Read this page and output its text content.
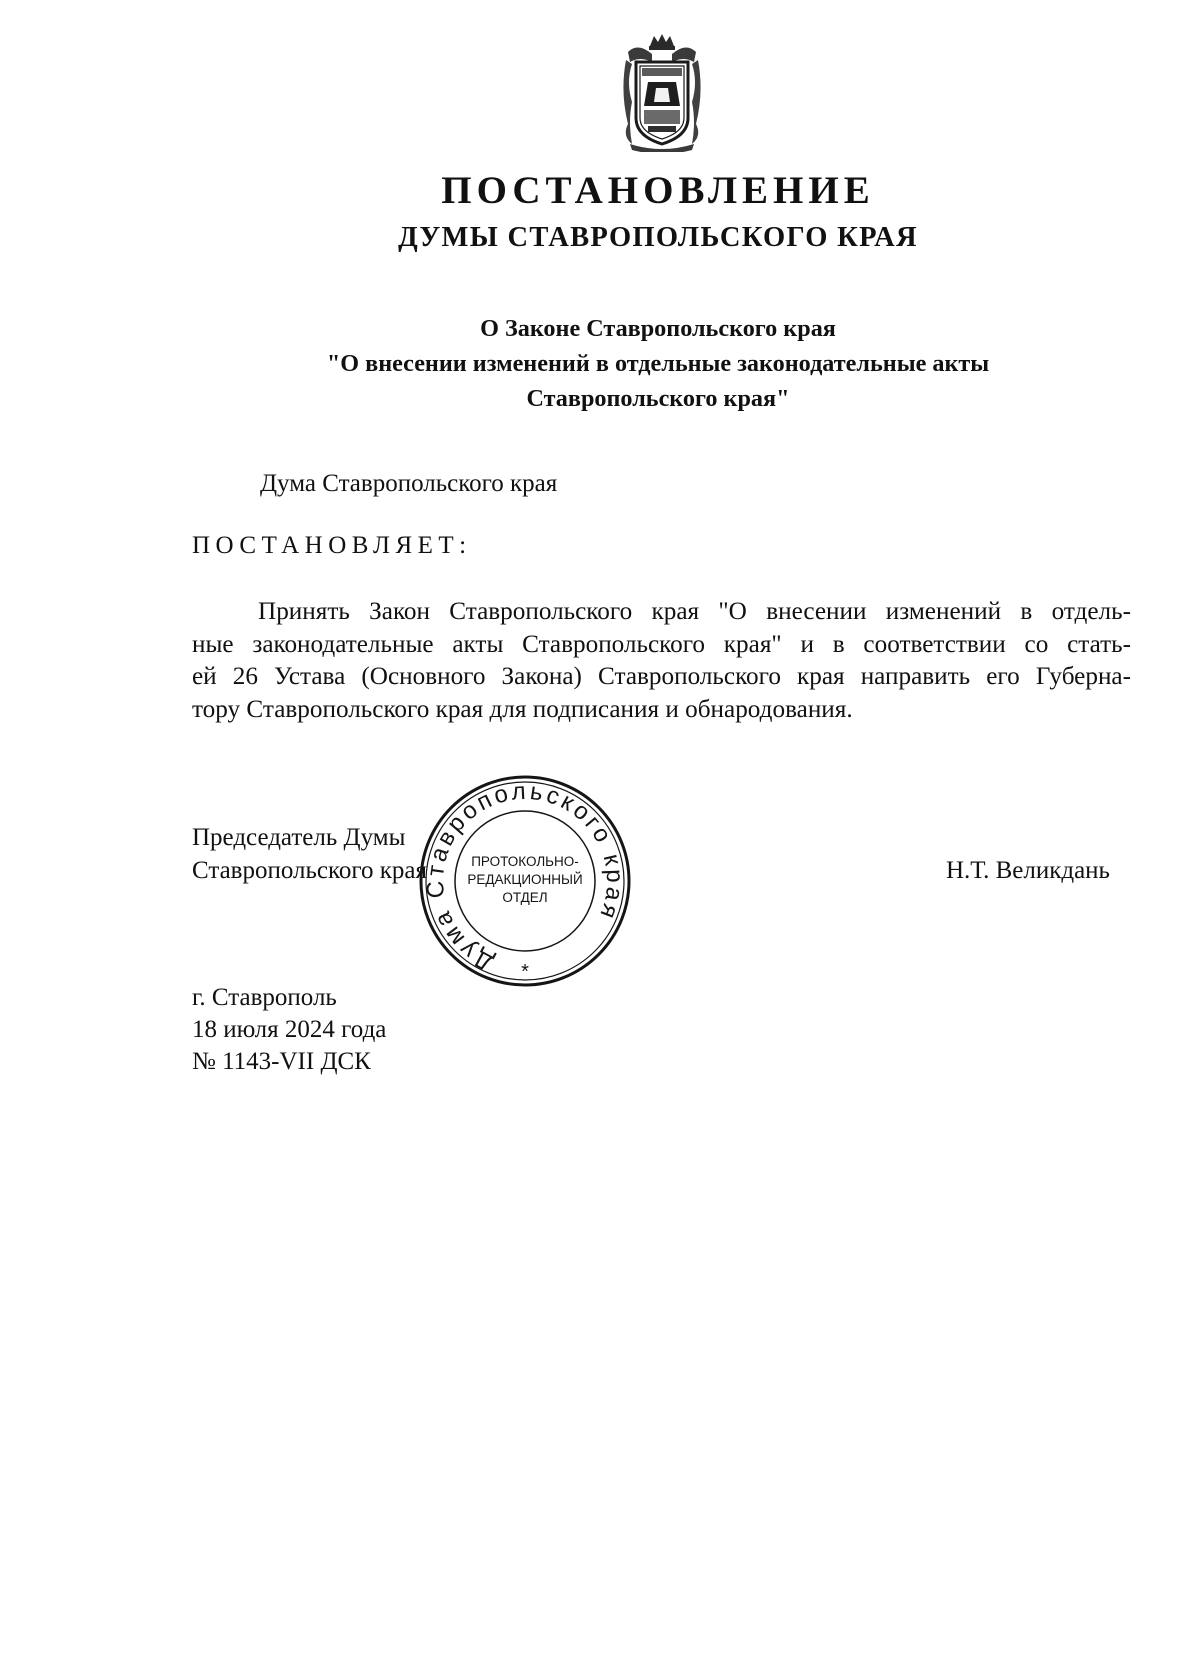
ПОСТАНОВЛЕНИЕ
ДУМЫ СТАВРОПОЛЬСКОГО КРАЯ
О Законе Ставропольского края
"О внесении изменений в отдельные законодательные акты
Ставропольского края"
Дума Ставропольского края
ПОСТАНОВЛЯЕТ:
Принять Закон Ставропольского края "О внесении изменений в отдель-
ные законодательные акты Ставропольского края" и в соответствии со стать-
ей 26 Устава (Основного Закона) Ставропольского края направить его Губерна-
тору Ставропольского края для подписания и обнародования.
Председатель Думы
Ставропольского края	Н.Т. Великдань
Дума Ставропольского края
ПРОТОКОЛЬНО-
РЕДАКЦИОННЫЙ
ОТДЕЛ
*
г. Ставрополь
18 июля 2024 года
№ 1143-VII ДСК
